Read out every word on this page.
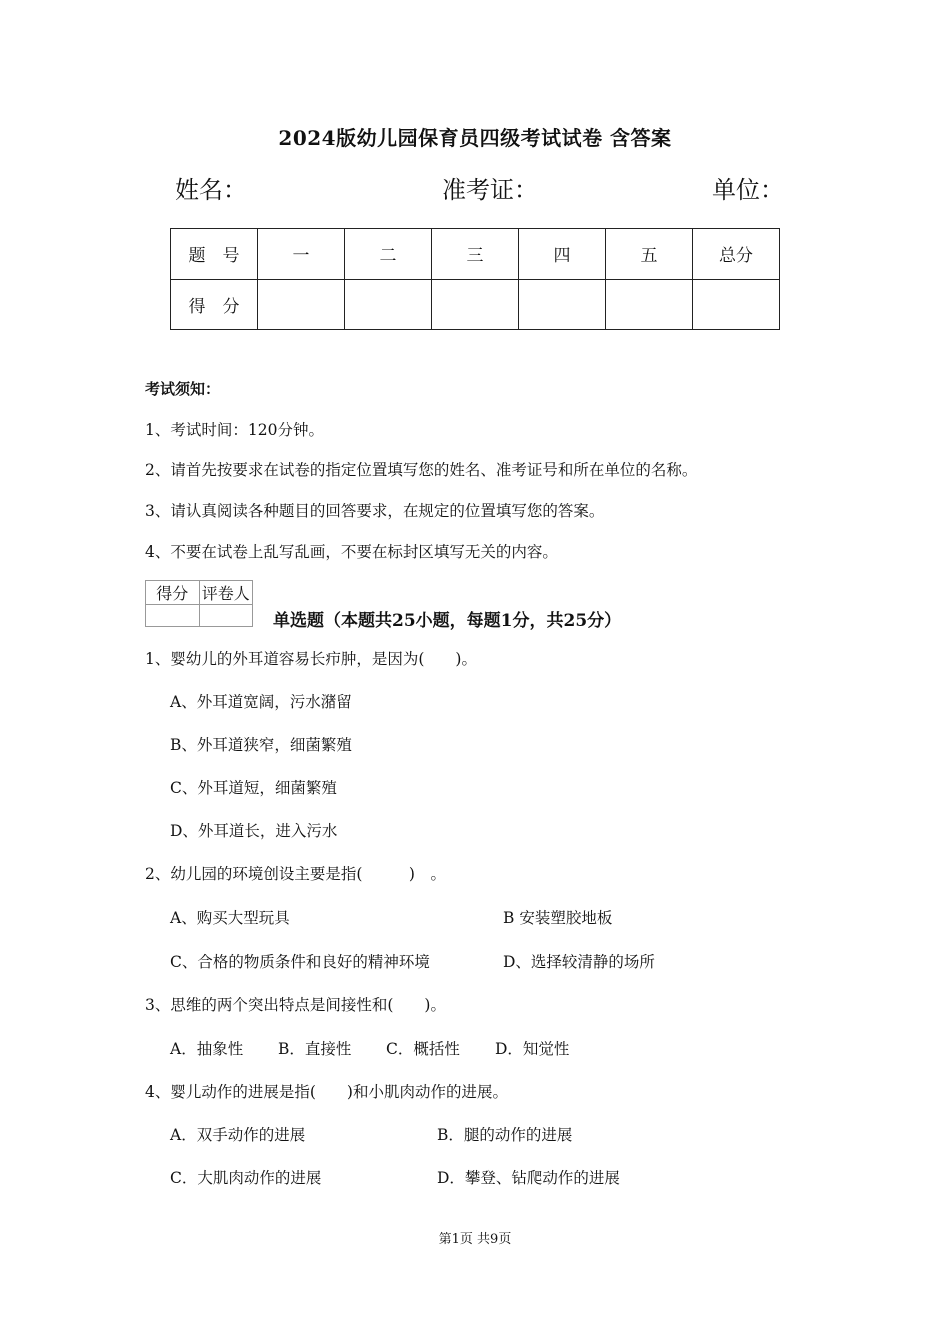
2024版幼儿园保育员四级考试试卷 含答案
姓名：	准考证：	单位：
题　号	一	二	三	四	五	总分
得　分						
考试须知：
1、考试时间：120分钟。
2、请首先按要求在试卷的指定位置填写您的姓名、准考证号和所在单位的名称。
3、请认真阅读各种题目的回答要求，在规定的位置填写您的答案。
4、不要在试卷上乱写乱画，不要在标封区填写无关的内容。
得分	评卷人

单选题（本题共25小题，每题1分，共25分）
1、婴幼儿的外耳道容易长疖肿，是因为(　　)。
A、外耳道宽阔，污水潴留
B、外耳道狭窄，细菌繁殖
C、外耳道短，细菌繁殖
D、外耳道长，进入污水
2、幼儿园的环境创设主要是指(　　　)　。
A、购买大型玩具	B 安装塑胶地板
C、合格的物质条件和良好的精神环境	D、选择较清静的场所
3、思维的两个突出特点是间接性和(　　)。
A．抽象性 B．直接性 C．概括性 D．知觉性
4、婴儿动作的进展是指(　　)和小肌肉动作的进展。
A．双手动作的进展	B．腿的动作的进展
C．大肌肉动作的进展	D．攀登、钻爬动作的进展
第1页 共9页
